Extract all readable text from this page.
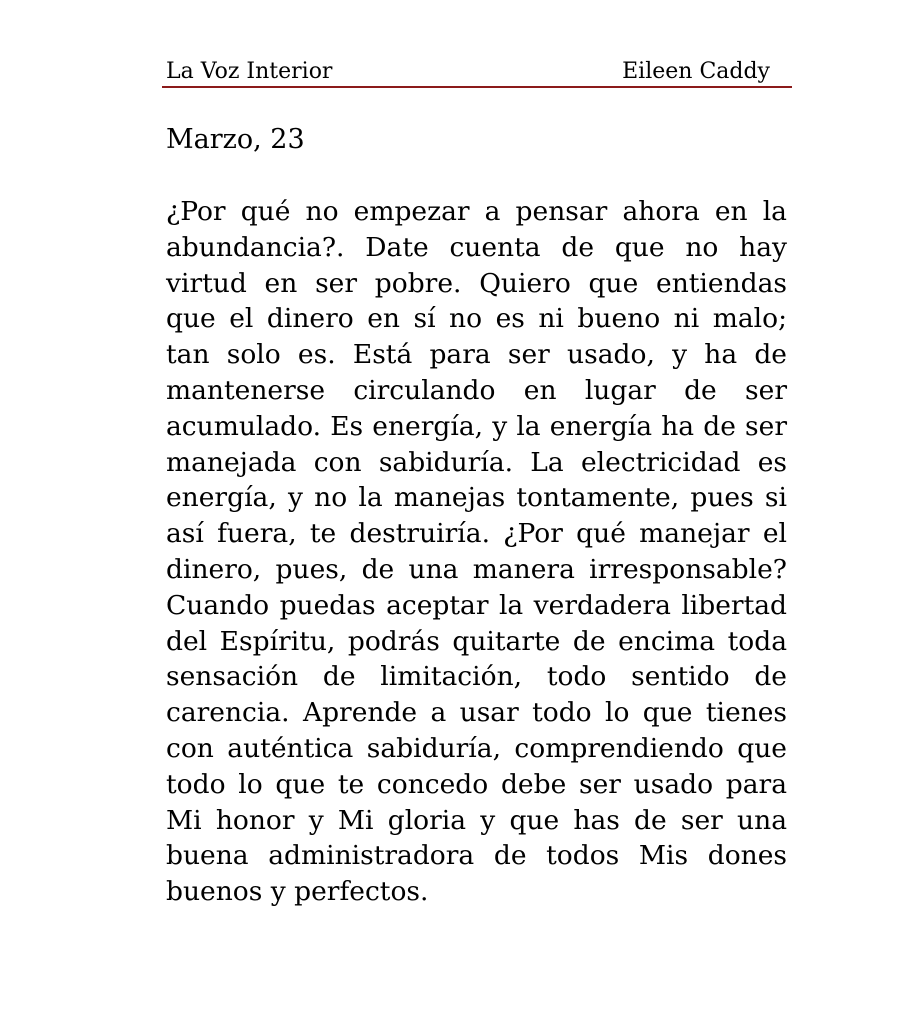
La Voz Interior	Eileen Caddy
Marzo, 23

¿Por qué no empezar a pensar ahora en la abundancia?. Date cuenta de que no hay virtud en ser pobre. Quiero que entiendas que el dinero en sí no es ni bueno ni malo; tan solo es. Está para ser usado, y ha de mantenerse circulando en lugar de ser acumulado. Es energía, y la energía ha de ser manejada con sabiduría. La electricidad es energía, y no la manejas tontamente, pues si así fuera, te destruiría. ¿Por qué manejar el dinero, pues, de una manera irresponsable? Cuando puedas aceptar la verdadera libertad del Espíritu, podrás quitarte de encima toda sensación de limitación, todo sentido de carencia. Aprende a usar todo lo que tienes con auténtica sabiduría, comprendiendo que todo lo que te concedo debe ser usado para Mi honor y Mi gloria y que has de ser una buena administradora de todos Mis dones buenos y perfectos.
